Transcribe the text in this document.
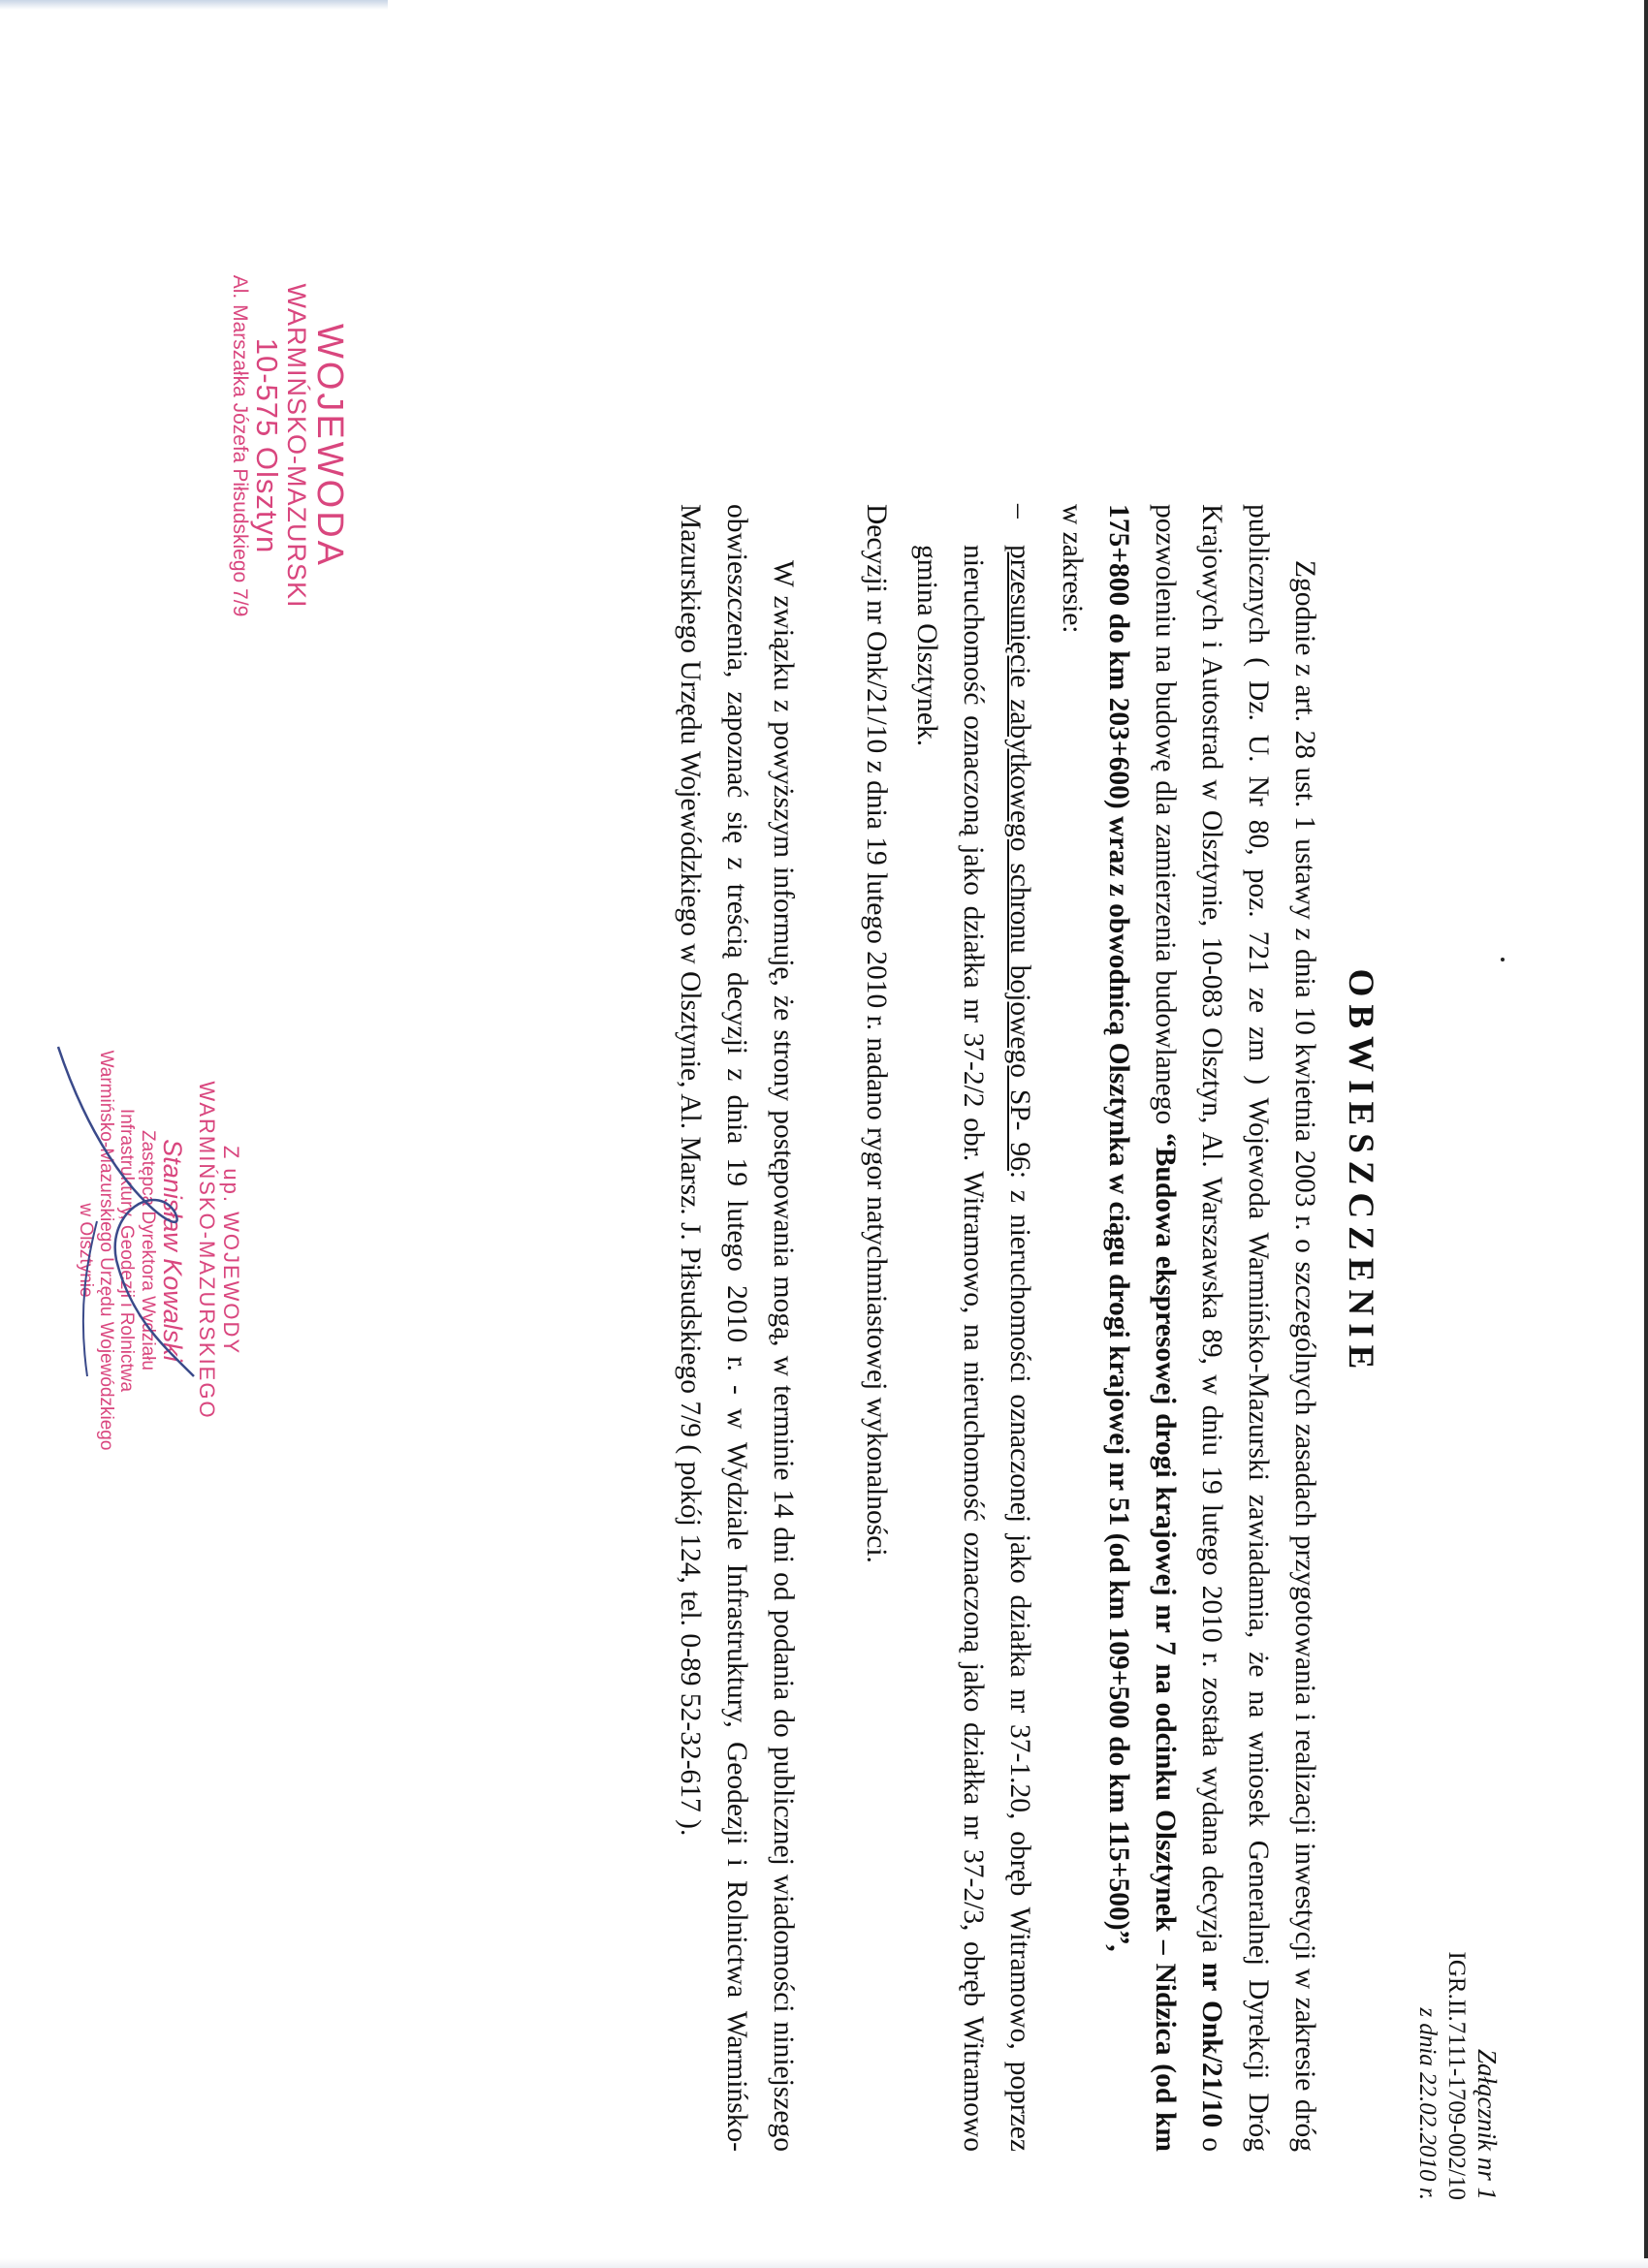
WOJEWODA
WARMIŃSKO-MAZURSKI
10-575 Olsztyn
Al. Marszałka Józefa Piłsudskiego 7/9
Załącznik nr 1
IGR.II.7111-1709-002/10
z dnia 22.02.2010 r.
OBWIESZCZENIE

Zgodnie z art. 28 ust. 1 ustawy z dnia 10 kwietnia 2003 r. o szczególnych zasadach przygotowania i realizacji inwestycji w zakresie dróg publicznych ( Dz. U. Nr 80, poz. 721 ze zm ) Wojewoda Warmińsko-Mazurski zawiadamia, że na wniosek Generalnej Dyrekcji Dróg Krajowych i Autostrad w Olsztynie, 10-083 Olsztyn, Al. Warszawska 89, w dniu 19 lutego 2010 r. została wydana decyzja nr Onk/21/10 o pozwoleniu na budowę dla zamierzenia budowlanego “Budowa ekspresowej drogi krajowej nr 7 na odcinku Olsztynek – Nidzica (od km 175+800 do km 203+600) wraz z obwodnicą Olsztynka w ciągu drogi krajowej nr 51 (od km 109+500 do km 115+500)”,

w zakresie:

–
przesunięcie zabytkowego schronu bojowego SP- 96: z nieruchomości oznaczonej jako działka nr 37-1.20, obręb Witramowo, poprzez nieruchomość oznaczoną jako działka nr 37-2/2 obr. Witramowo, na nieruchomość oznaczoną jako działka nr 37-2/3, obręb Witramowo gmina Olsztynek.

Decyzji nr Onk/21/10 z dnia 19 lutego 2010 r. nadano rygor natychmiastowej wykonalności.

W związku z powyższym informuję, że strony postępowania mogą, w terminie 14 dni od podania do publicznej wiadomości niniejszego obwieszczenia, zapoznać się z treścią decyzji z dnia 19 lutego 2010 r. - w Wydziale Infrastruktury, Geodezji i Rolnictwa Warmińsko-Mazurskiego Urzędu Wojewódzkiego w Olsztynie, Al. Marsz. J. Piłsudskiego 7/9 ( pokój 124, tel. 0-89 52-32-617 ).

Z up. WOJEWODY
WARMIŃSKO-MAZURSKIEGO
Stanisław Kowalski
Zastępca Dyrektora Wydziału
Infrastruktury, Geodezji i Rolnictwa
Warmińsko-Mazurskiego Urzędu Wojewódzkiego w Olsztynie
